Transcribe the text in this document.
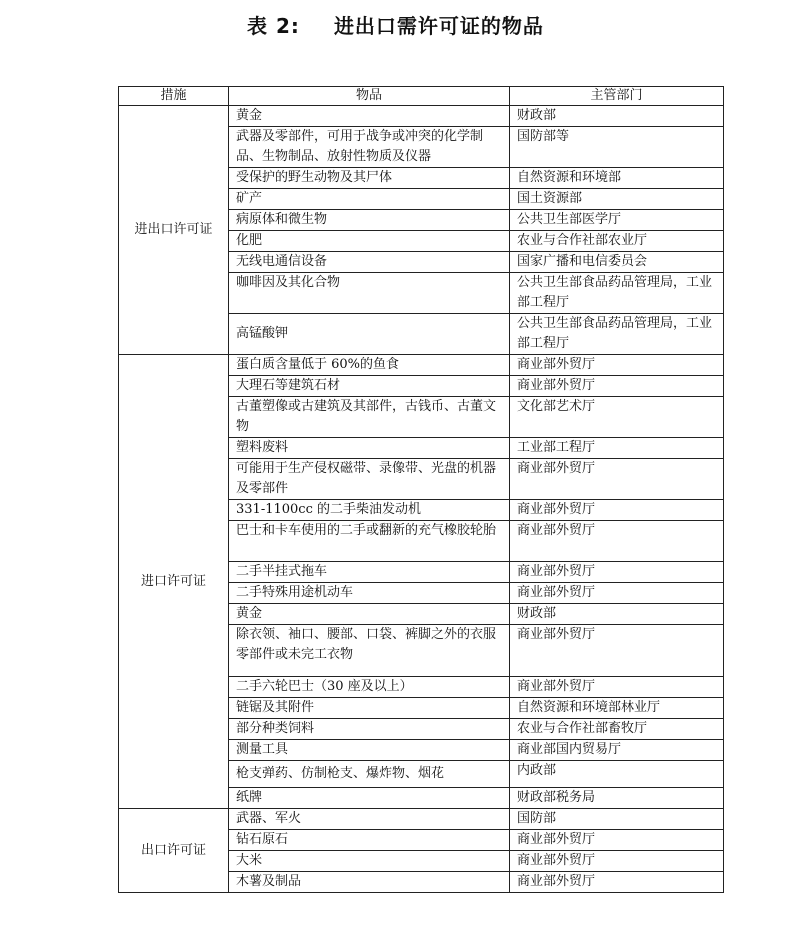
表 2: 进出口需许可证的物品
措施	物品	主管部门
进出口许可证	黄金	财政部
	武器及零部件，可用于战争或冲突的化学制品、生物制品、放射性物质及仪器	国防部等
	受保护的野生动物及其尸体	自然资源和环境部
	矿产	国土资源部
	病原体和微生物	公共卫生部医学厅
	化肥	农业与合作社部农业厅
	无线电通信设备	国家广播和电信委员会
	咖啡因及其化合物	公共卫生部食品药品管理局，工业部工程厅
	高锰酸钾	公共卫生部食品药品管理局，工业部工程厅
进口许可证	蛋白质含量低于 60%的鱼食	商业部外贸厅
	大理石等建筑石材	商业部外贸厅
	古董塑像或古建筑及其部件，古钱币、古董文物	文化部艺术厅
	塑料废料	工业部工程厅
	可能用于生产侵权磁带、录像带、光盘的机器及零部件	商业部外贸厅
	331-1100cc 的二手柴油发动机	商业部外贸厅
	巴士和卡车使用的二手或翻新的充气橡胶轮胎	商业部外贸厅
	二手半挂式拖车	商业部外贸厅
	二手特殊用途机动车	商业部外贸厅
	黄金	财政部
	除衣领、袖口、腰部、口袋、裤脚之外的衣服零部件或未完工衣物	商业部外贸厅
	二手六轮巴士（30 座及以上）	商业部外贸厅
	链锯及其附件	自然资源和环境部林业厅
	部分种类饲料	农业与合作社部畜牧厅
	测量工具	商业部国内贸易厅
	枪支弹药、仿制枪支、爆炸物、烟花	内政部
	纸牌	财政部税务局
出口许可证	武器、军火	国防部
	钻石原石	商业部外贸厅
	大米	商业部外贸厅
	木薯及制品	商业部外贸厅
